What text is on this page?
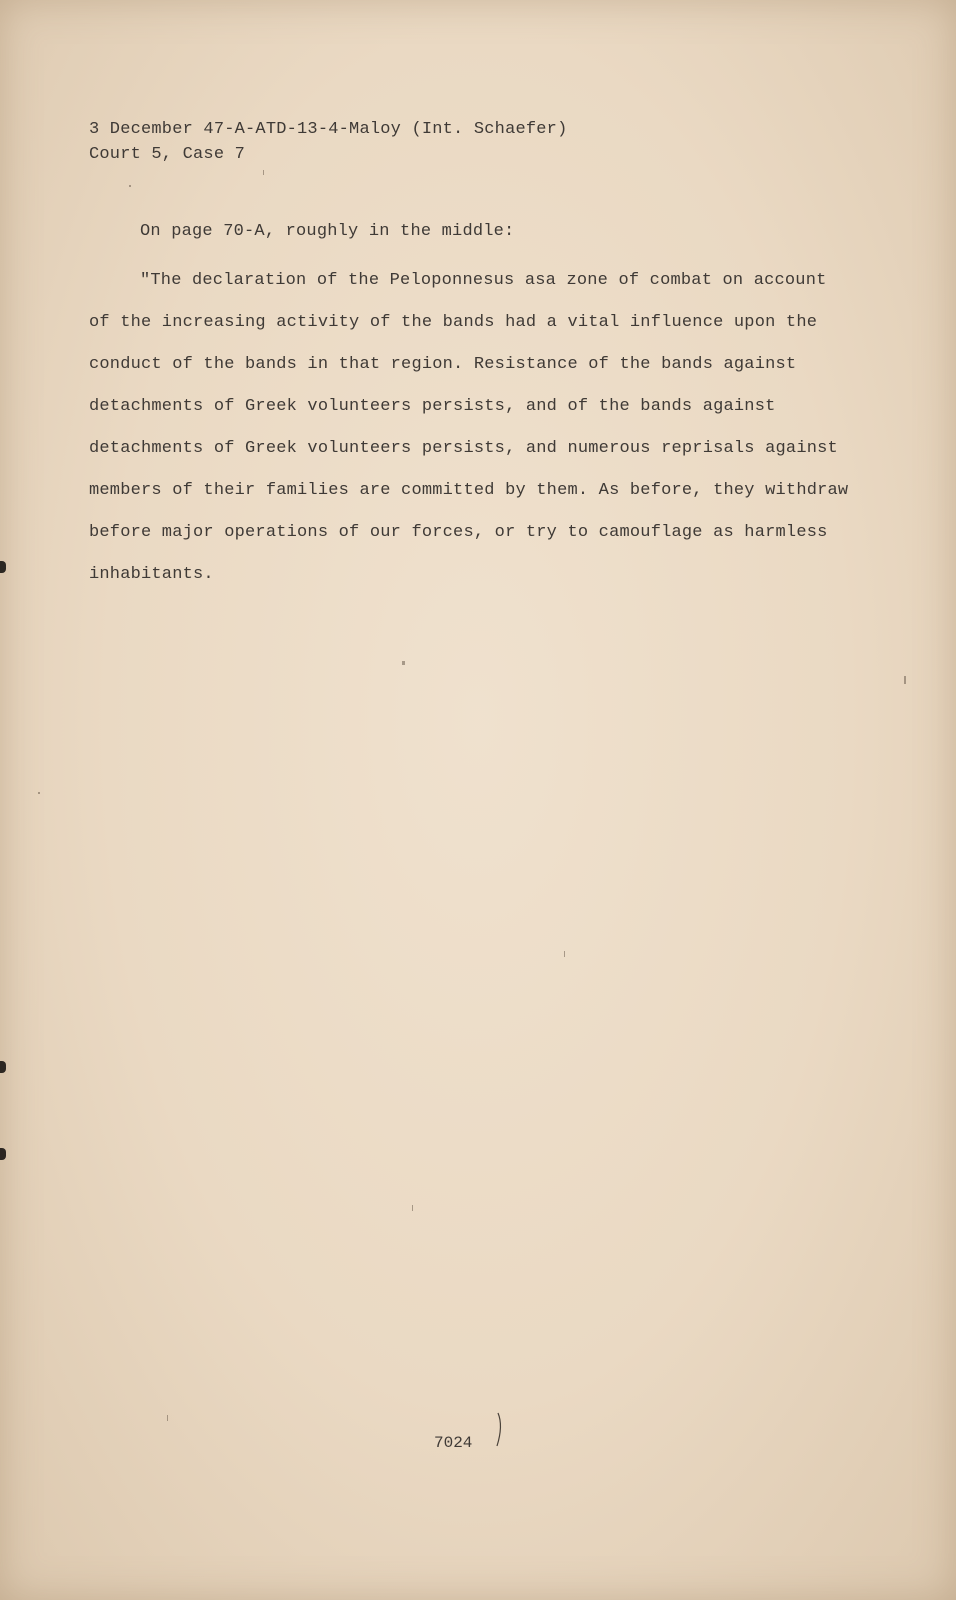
3 December 47-A-ATD-13-4-Maloy (Int. Schaefer)
Court 5, Case 7
On page 70-A, roughly in the middle:
"The declaration of the Peloponnesus asa zone of combat on account
of the increasing activity of the bands had a vital influence upon the
conduct of the bands in that region. Resistance of the bands against
detachments of Greek volunteers persists, and of the bands against
detachments of Greek volunteers persists, and numerous reprisals against
members of their families are committed by them. As before, they withdraw
before major operations of our forces, or try to camouflage as harmless
inhabitants.
7024
